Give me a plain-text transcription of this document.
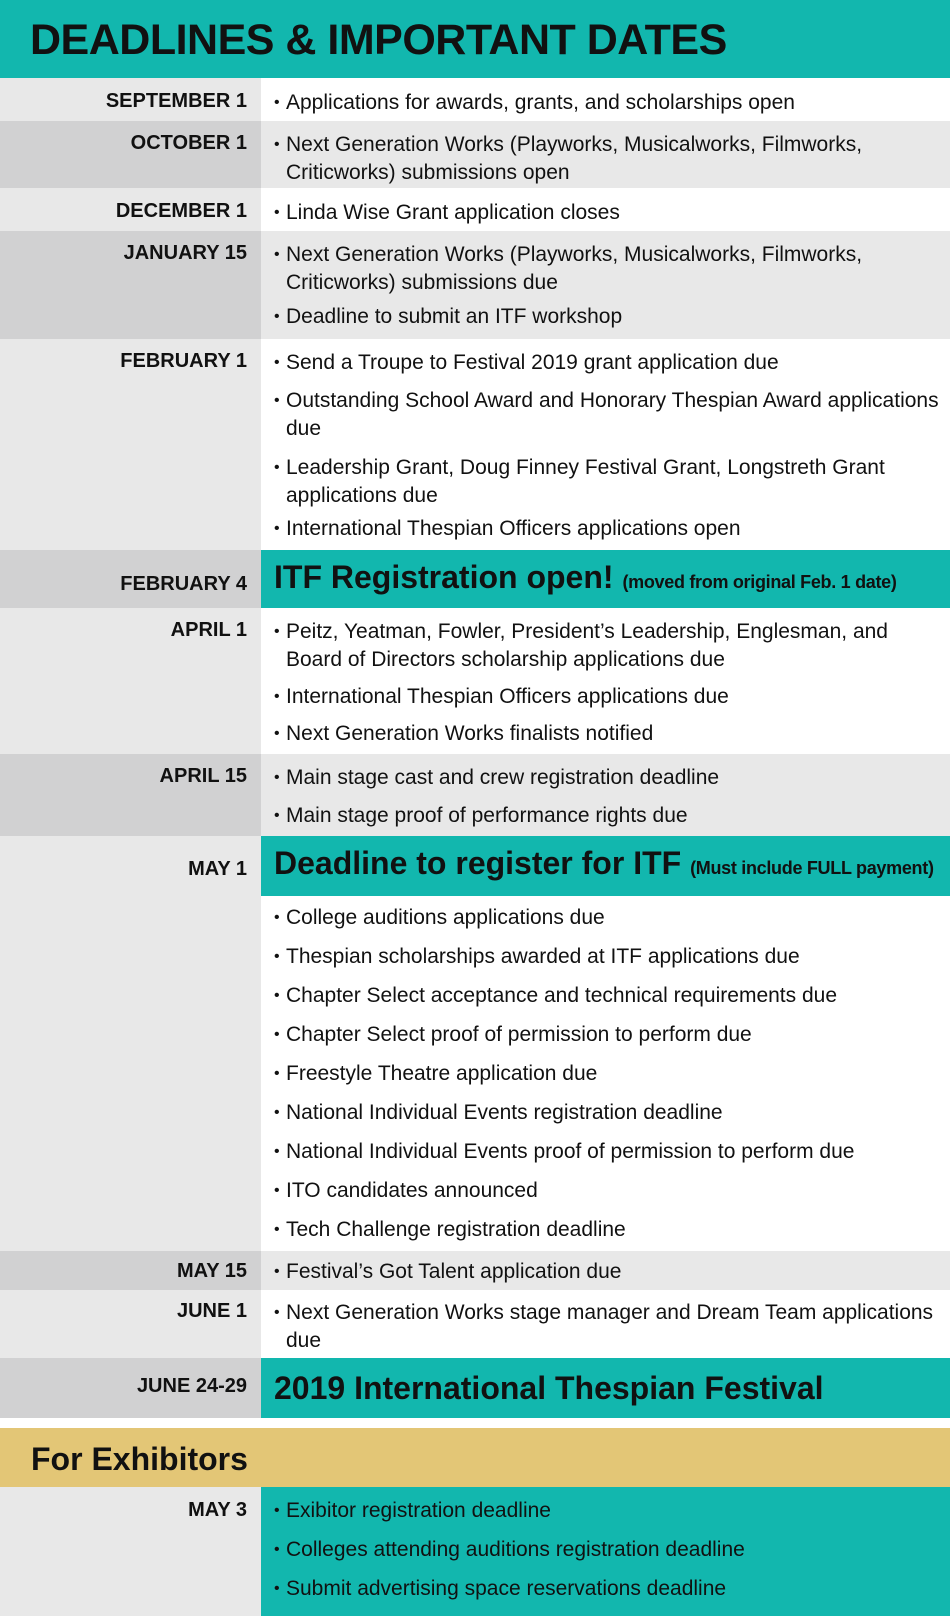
DEADLINES & IMPORTANT DATES
SEPTEMBER 1	• Applications for awards, grants, and scholarships open
OCTOBER 1	• Next Generation Works (Playworks, Musicalworks, Filmworks, Criticworks) submissions open
DECEMBER 1	• Linda Wise Grant application closes
JANUARY 15	• Next Generation Works (Playworks, Musicalworks, Filmworks, Criticworks) submissions due
• Deadline to submit an ITF workshop
FEBRUARY 1	• Send a Troupe to Festival 2019 grant application due
• Outstanding School Award and Honorary Thespian Award applications due
• Leadership Grant, Doug Finney Festival Grant, Longstreth Grant applications due
• International Thespian Officers applications open
FEBRUARY 4 ITF Registration open! (moved from original Feb. 1 date)
APRIL 1	• Peitz, Yeatman, Fowler, President’s Leadership, Englesman, and Board of Directors scholarship applications due
• International Thespian Officers applications due
• Next Generation Works finalists notified
APRIL 15	• Main stage cast and crew registration deadline
• Main stage proof of performance rights due
MAY 1 Deadline to register for ITF (Must include FULL payment)
• College auditions applications due
• Thespian scholarships awarded at ITF applications due
• Chapter Select acceptance and technical requirements due
• Chapter Select proof of permission to perform due
• Freestyle Theatre application due
• National Individual Events registration deadline
• National Individual Events proof of permission to perform due
• ITO candidates announced
• Tech Challenge registration deadline
MAY 15	• Festival’s Got Talent application due
JUNE 1	• Next Generation Works stage manager and Dream Team applications due
JUNE 24-29 2019 International Thespian Festival
For Exhibitors
MAY 3	• Exibitor registration deadline
• Colleges attending auditions registration deadline
• Submit advertising space reservations deadline
